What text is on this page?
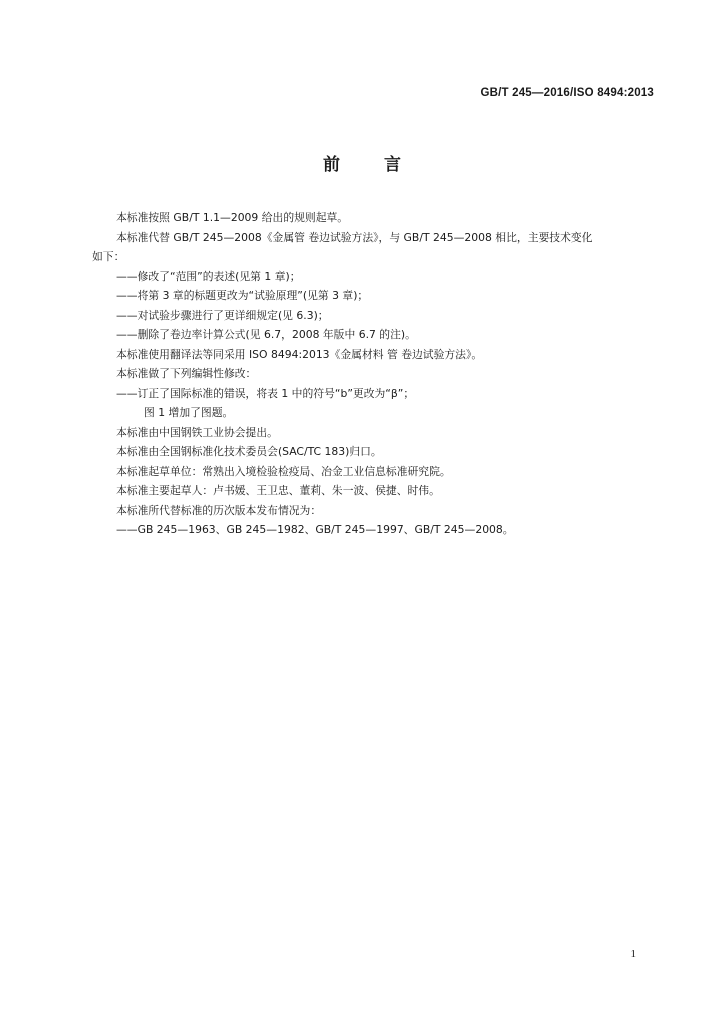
GB/T 245—2016/ISO 8494:2013
前言

本标准按照 GB/T 1.1—2009 给出的规则起草。

本标准代替 GB/T 245—2008《金属管 卷边试验方法》，与 GB/T 245—2008 相比，主要技术变化

如下：

——修改了“范围”的表述(见第 1 章)；

——将第 3 章的标题更改为“试验原理”(见第 3 章)；

——对试验步骤进行了更详细规定(见 6.3)；

——删除了卷边率计算公式(见 6.7，2008 年版中 6.7 的注)。

本标准使用翻译法等同采用 ISO 8494:2013《金属材料 管 卷边试验方法》。

本标准做了下列编辑性修改：

——订正了国际标准的错误，将表 1 中的符号“b”更改为“β”；

图 1 增加了图题。

本标准由中国钢铁工业协会提出。

本标准由全国钢标准化技术委员会(SAC/TC 183)归口。

本标准起草单位：常熟出入境检验检疫局、冶金工业信息标准研究院。

本标准主要起草人：卢书媛、王卫忠、董莉、朱一波、侯捷、时伟。

本标准所代替标准的历次版本发布情况为：

——GB 245—1963、GB 245—1982、GB/T 245—1997、GB/T 245—2008。

1
